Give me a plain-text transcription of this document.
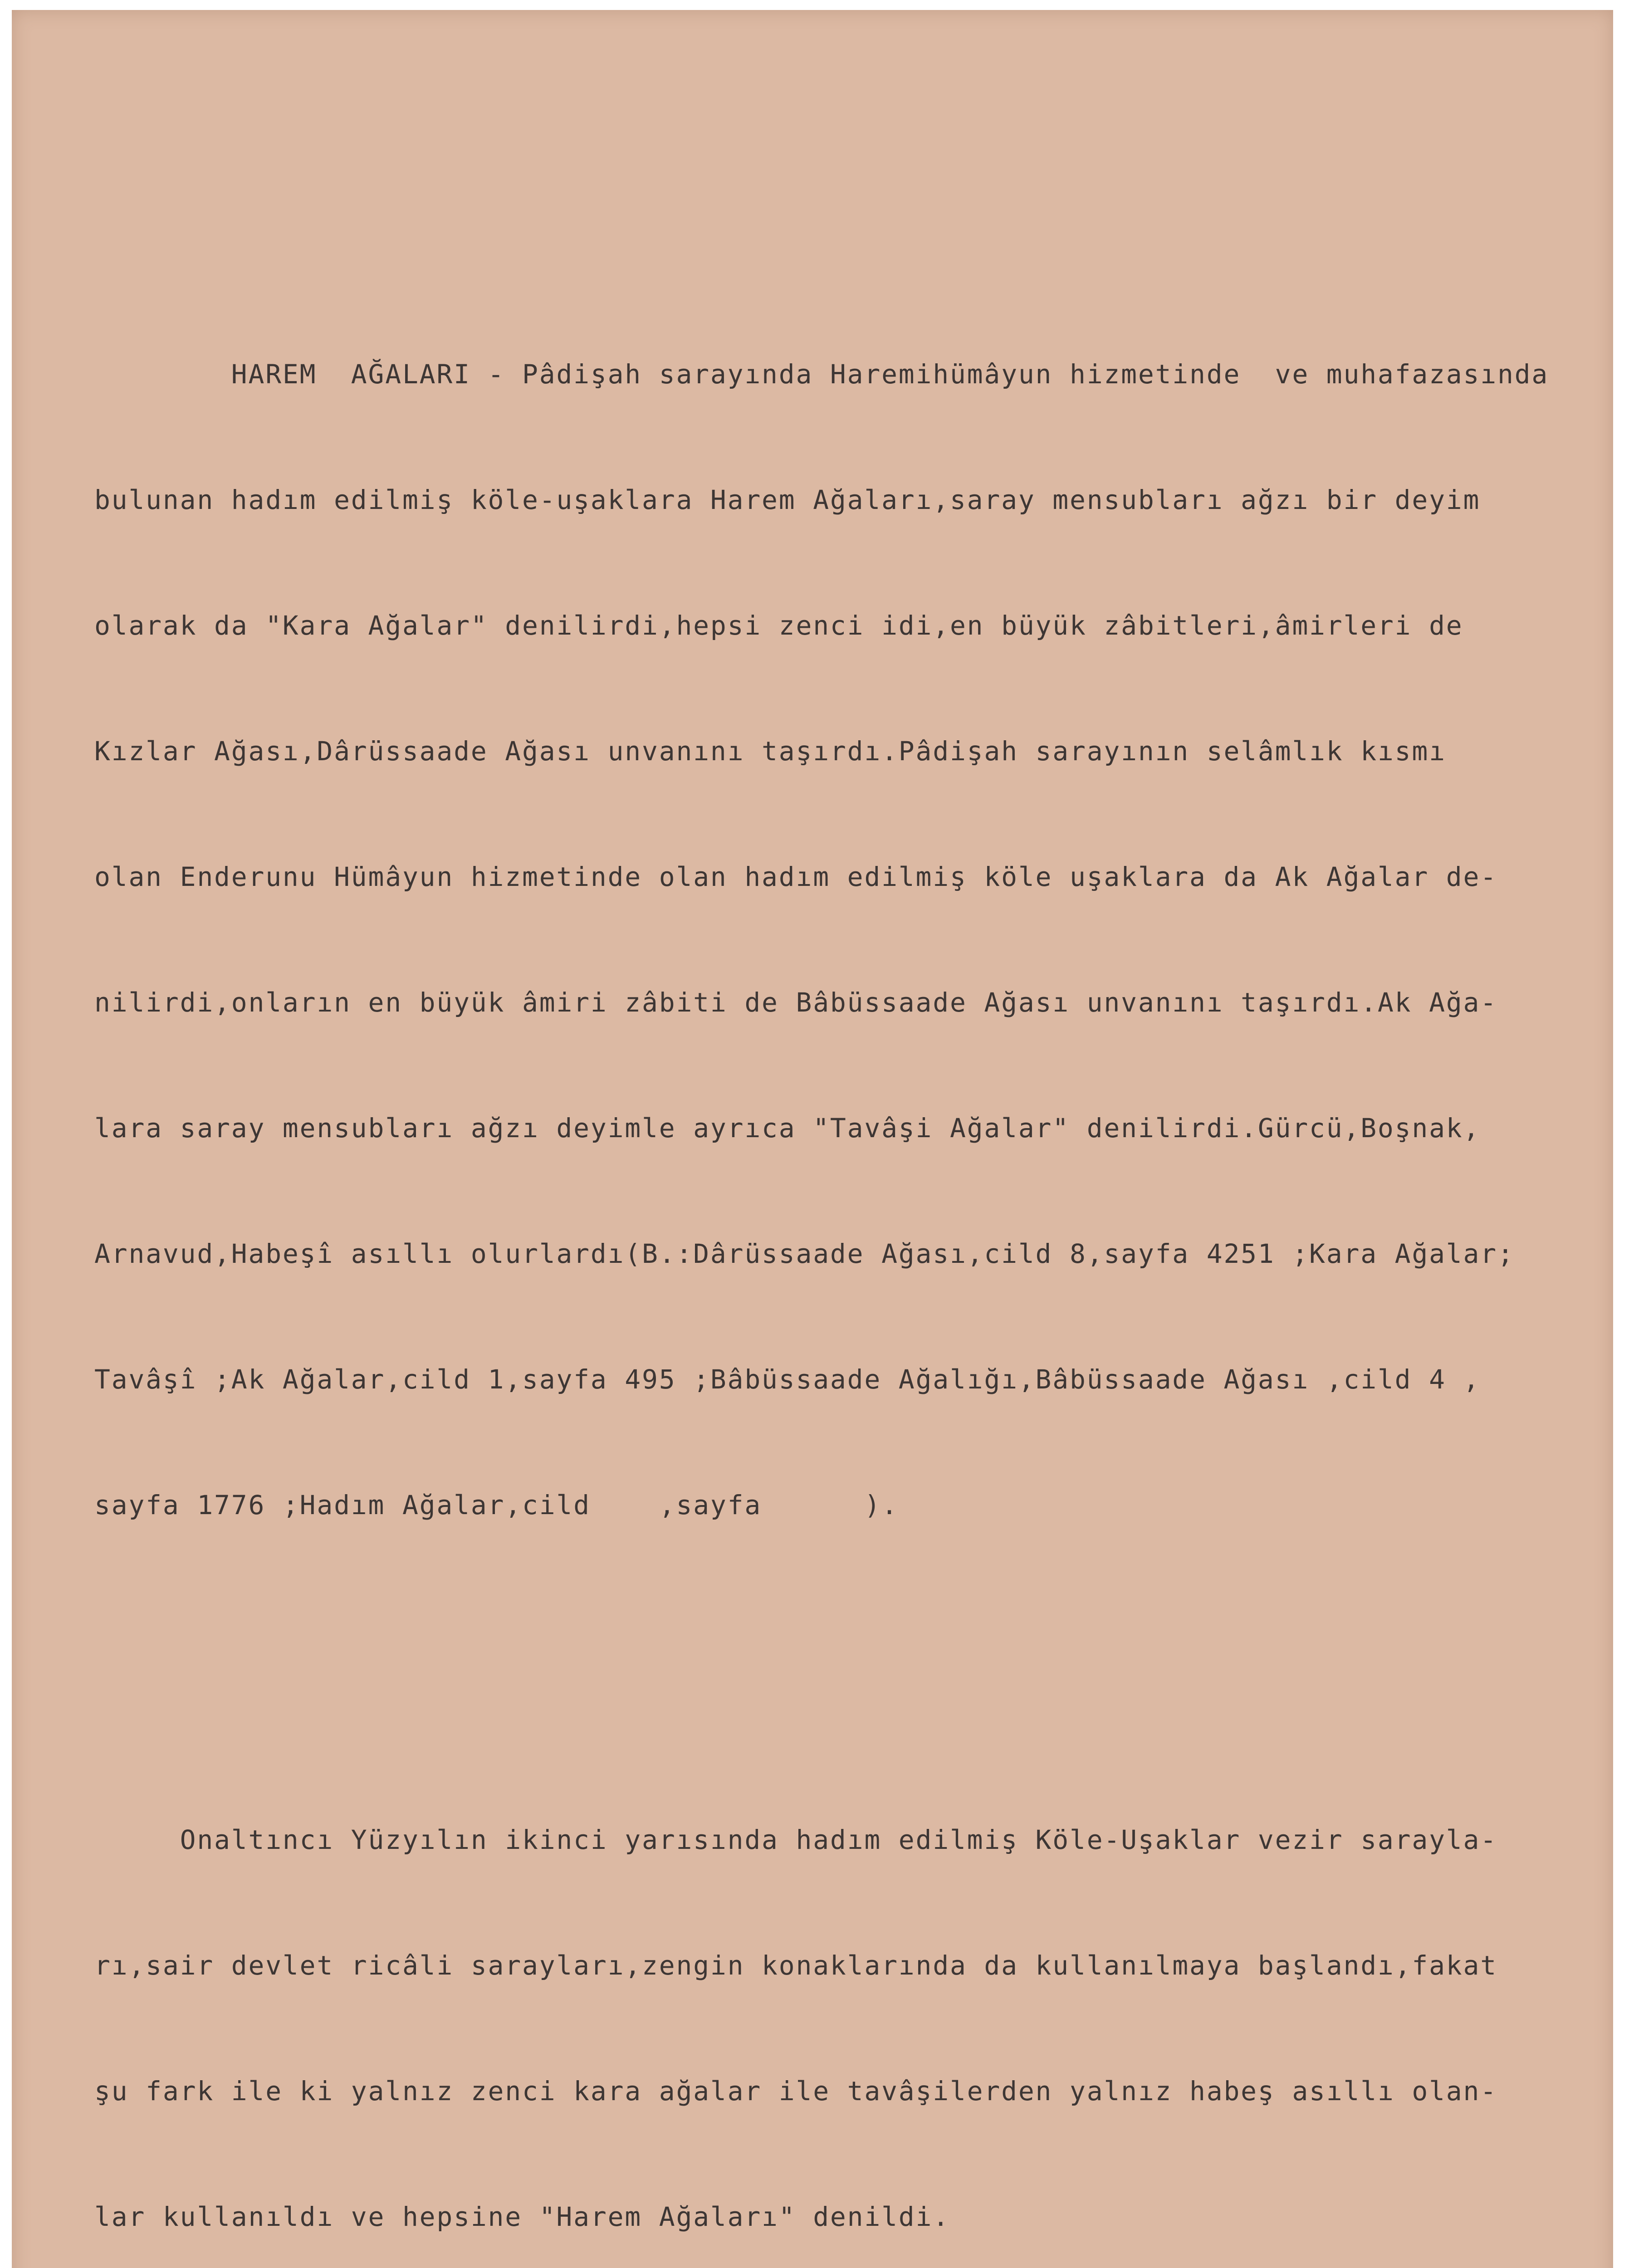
HAREM  AĞALARI - Pâdişah sarayında Haremihümâyun hizmetinde  ve muhafazasında

bulunan hadım edilmiş köle-uşaklara Harem Ağaları,saray mensubları ağzı bir deyim

olarak da "Kara Ağalar" denilirdi,hepsi zenci idi,en büyük zâbitleri,âmirleri de

Kızlar Ağası,Dârüssaade Ağası unvanını taşırdı.Pâdişah sarayının selâmlık kısmı

olan Enderunu Hümâyun hizmetinde olan hadım edilmiş köle uşaklara da Ak Ağalar de-

nilirdi,onların en büyük âmiri zâbiti de Bâbüssaade Ağası unvanını taşırdı.Ak Ağa-

lara saray mensubları ağzı deyimle ayrıca "Tavâşi Ağalar" denilirdi.Gürcü,Boşnak,

Arnavud,Habeşî asıllı olurlardı(B.:Dârüssaade Ağası,cild 8,sayfa 4251 ;Kara Ağalar;

Tavâşî ;Ak Ağalar,cild 1,sayfa 495 ;Bâbüssaade Ağalığı,Bâbüssaade Ağası ,cild 4 ,

sayfa 1776 ;Hadım Ağalar,cild    ,sayfa      ).

Onaltıncı Yüzyılın ikinci yarısında hadım edilmiş Köle-Uşaklar vezir sarayla-

rı,sair devlet ricâli sarayları,zengin konaklarında da kullanılmaya başlandı,fakat

şu fark ile ki yalnız zenci kara ağalar ile tavâşilerden yalnız habeş asıllı olan-

lar kullanıldı ve hepsine "Harem Ağaları" denildi.
